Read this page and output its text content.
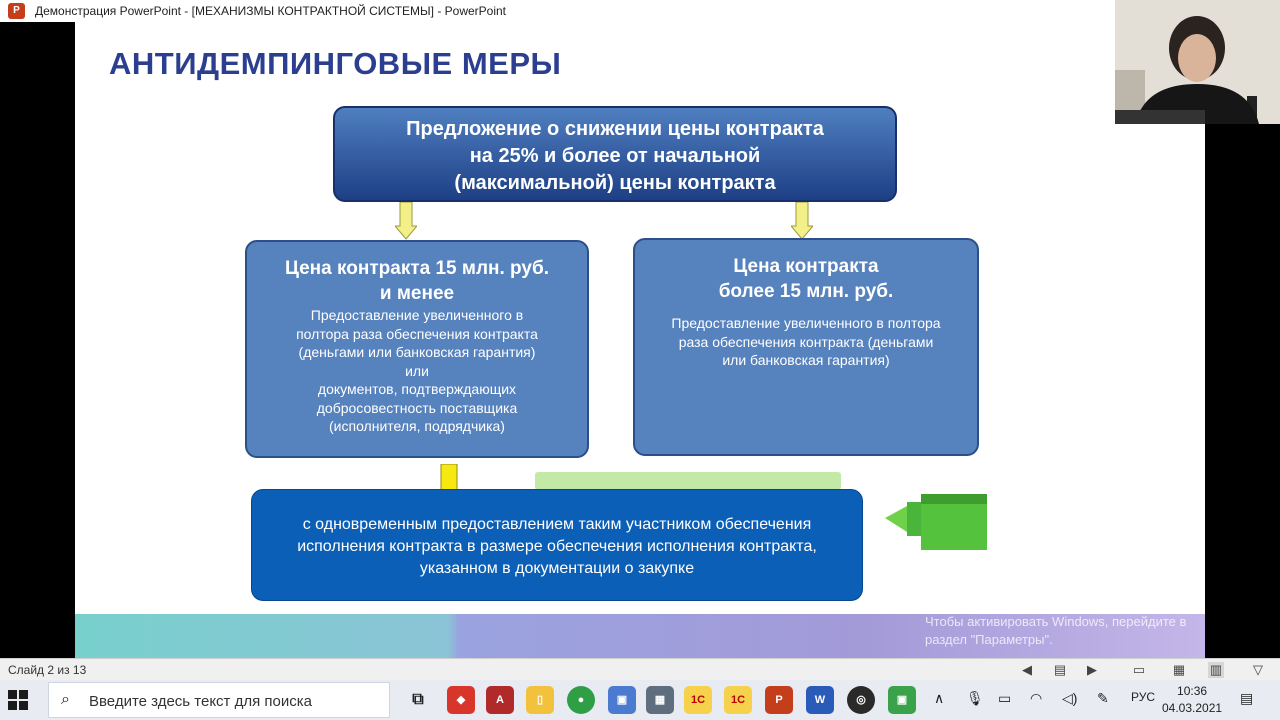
P	Демонстрация PowerPoint - [МЕХАНИЗМЫ КОНТРАКТНОЙ СИСТЕМЫ] - PowerPoint
АНТИДЕМПИНГОВЫЕ МЕРЫ
Предложение о снижении цены контракта
на 25% и более от начальной
(максимальной) цены контракта
Цена контракта 15 млн. руб.
и менее
Предоставление увеличенного в
полтора раза обеспечения контракта
(деньгами или банковская гарантия)
или
документов, подтверждающих
добросовестность поставщика
(исполнителя, подрядчика)
Цена контракта
более 15 млн. руб.
Предоставление увеличенного в полтора
раза обеспечения контракта (деньгами
или банковская гарантия)
с одновременным предоставлением таким участником обеспечения
исполнения контракта в размере обеспечения исполнения контракта,
указанном в документации о закупке
Активация Windows
Чтобы активировать Windows, перейдите в
раздел "Параметры".
Слайд 2 из 13	◀ ▤ ▶	▭ ▦ ▥ ▽
⌕	Введите здесь текст для поиска	⧉	◆	A	▯	●	▣	▦	1С	1С	P	W	◎	▣	∧ 🎙 ▭ ◠ ◁) ✎ РУС	10:36
04.03.2021
▤
